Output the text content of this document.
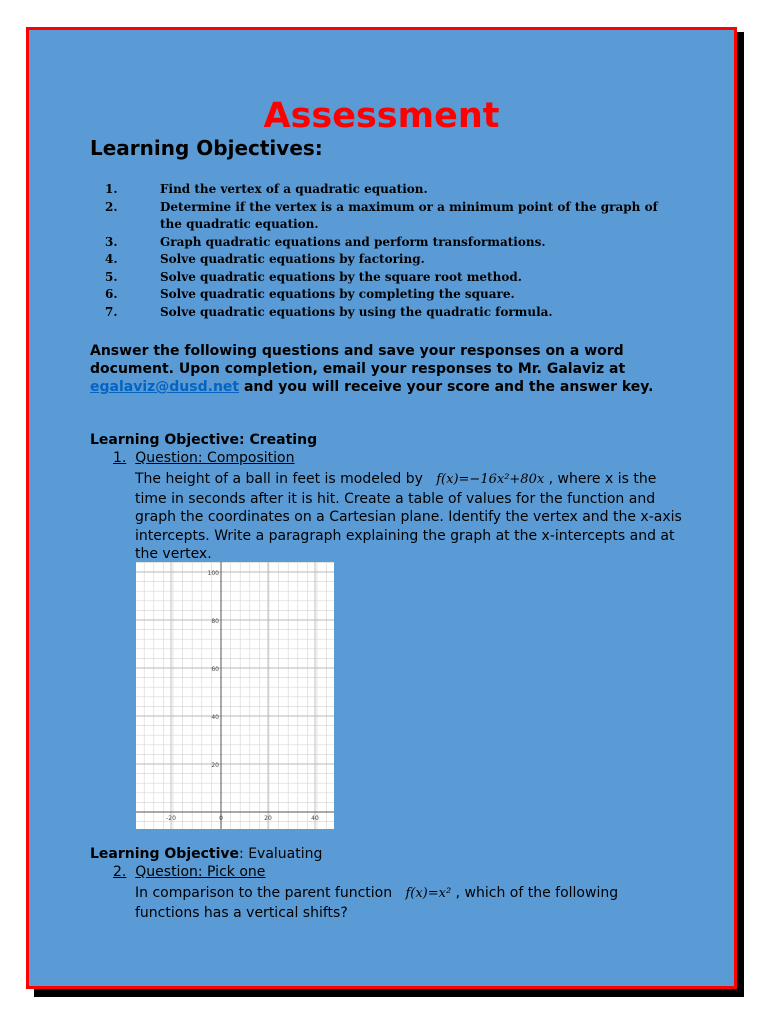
Assessment
Learning Objectives:
1.	Find the vertex of a quadratic equation.
2.	Determine if the vertex is a maximum or a minimum point of the graph of the quadratic equation.
3.	Graph quadratic equations and perform transformations.
4.	Solve quadratic equations by factoring.
5.	Solve quadratic equations by the square root method.
6.	Solve quadratic equations by completing the square.
7.	Solve quadratic equations by using the quadratic formula.
Answer the following questions and save your responses on a word document. Upon completion, email your responses to Mr. Galaviz at egalaviz@dusd.net and you will receive your score and the answer key.
Learning Objective: Creating
1. Question: Composition
The height of a ball in feet is modeled by   f(x)=−16x²+80x , where x is the time in seconds after it is hit. Create a table of values for the function and graph the coordinates on a Cartesian plane. Identify the vertex and the x-axis intercepts. Write a paragraph explaining the graph at the x-intercepts and at the vertex.
-20	0	20	40
100
80
60
40
20
Learning Objective: Evaluating
2. Question: Pick one
In comparison to the parent function   f(x)=x² , which of the following functions has a vertical shifts?
